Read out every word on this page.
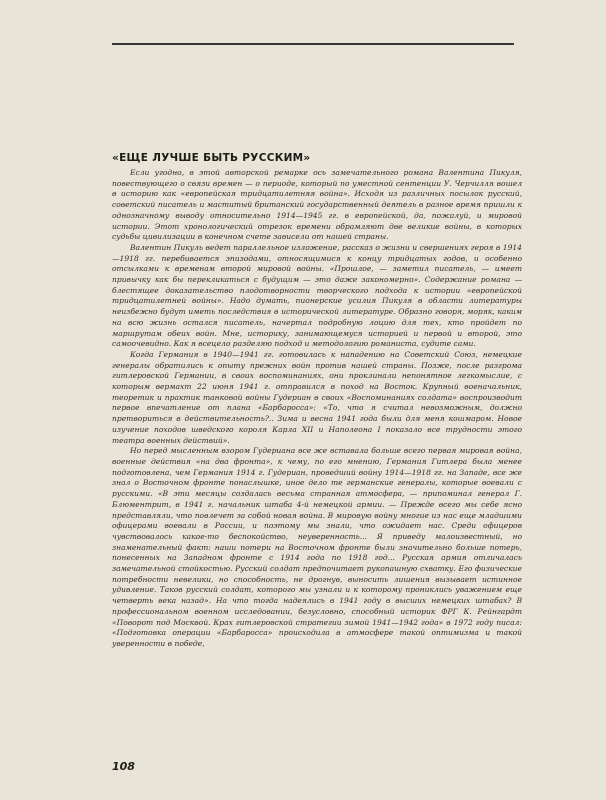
«ЕЩЕ ЛУЧШЕ БЫТЬ РУССКИМ»

Если угодно, в этой авторской ремарке ось замечательного романа Валентина Пикуля, повествующего о связи времен — о периоде, который по уместной сентенции У. Черчилля вошел в историю как «европейская тридцатилетняя война». Исходя из различных посылок русский, советский писатель и маститый британский государственный деятель в разное время пришли к однозначному выводу относительно 1914—1945 гг. в европейской, да, пожалуй, и мировой истории. Этот хронологический отрезок времени обрамляют две великие войны, в которых судьбы цивилизации в конечном счете зависели от нашей страны.

Валентин Пикуль ведет параллельное изложение, рассказ о жизни и свершениях героя в 1914—1918 гг. перебивается эпизодами, относящимися к концу тридцатых годов, и особенно отсылками к временам второй мировой войны. «Прошлое, — заметил писатель, — имеет привычку как бы перекликаться с будущим — это даже закономерно». Содержание романа — блестящее доказательство плодотворности творческого подхода к истории «европейской тридцатилетней войны». Надо думать, пионерские усилия Пикуля в области литературы неизбежно будут иметь последствия в исторической литературе. Образно говоря, моряк, каким на всю жизнь остался писатель, начертал подробную лоцию для тех, кто пройдет по маршрутам обеих войн. Мне, историку, занимающемуся историей и первой и второй, это самоочевидно. Как я всецело разделяю подход и методологию романиста, судите сами.

Когда Германия в 1940—1941 гг. готовилась к нападению на Советский Союз, немецкие генералы обратились к опыту прежних войн против нашей страны. Позже, после разгрома гитлеровской Германии, в своих воспоминаниях, они проклинали непонятное легкомыслие, с которым вермахт 22 июня 1941 г. отправился в поход на Восток. Крупный военачальник, теоретик и практик танковой войны Гудериан в своих «Воспоминаниях солдата» воспроизводит первое впечатление от плана «Барбаросса»: «То, что я считал невозможным, должно претвориться в действительность?.. Зима и весна 1941 года были для меня кошмаром. Новое изучение походов шведского короля Карла XII и Наполеона I показало все трудности этого театра военных действий».

Но перед мысленным взором Гудериана все же вставала больше всего первая мировая война, военные действия «на два фронта», к чему, по его мнению, Германия Гитлера была менее подготовлена, чем Германия 1914 г. Гудериан, проведший войну 1914—1918 гг. на Западе, все же знал о Восточном фронте понаслышке, иное дело те германские генералы, которые воевали с русскими. «В эти месяцы создалась весьма странная атмосфера, — припоминал генерал Г. Блюментрит, в 1941 г. начальник штаба 4-й немецкой армии. — Прежде всего мы себе ясно представляли, что повлечет за собой новая война. В мировую войну многие из нас еще младшими офицерами воевали в России, и поэтому мы знали, что ожидает нас. Среди офицеров чувствовалось какое-то беспокойство, неуверенность... Я приведу малоизвестный, но знаменательный факт: наши потери на Восточном фронте были значительно больше потерь, понесенных на Западном фронте с 1914 года по 1918 год... Русская армия отличалась замечательной стойкостью. Русский солдат предпочитает рукопашную схватку. Его физические потребности невелики, но способность, не дрогнув, выносить лишения вызывает истинное удивление. Таков русский солдат, которого мы узнали и к которому прониклись уважением еще четверть века назад». На что тогда надеялись в 1941 году в высших немецких штабах? В профессиональном военном исследовании, безусловно, способный историк ФРГ К. Рейнгардт «Поворот под Москвой. Крах гитлеровской стратегии зимой 1941—1942 года» в 1972 году писал: «Подготовка операции «Барбаросса» происходила в атмосфере такой оптимизма и такой уверенности в победе,

108
